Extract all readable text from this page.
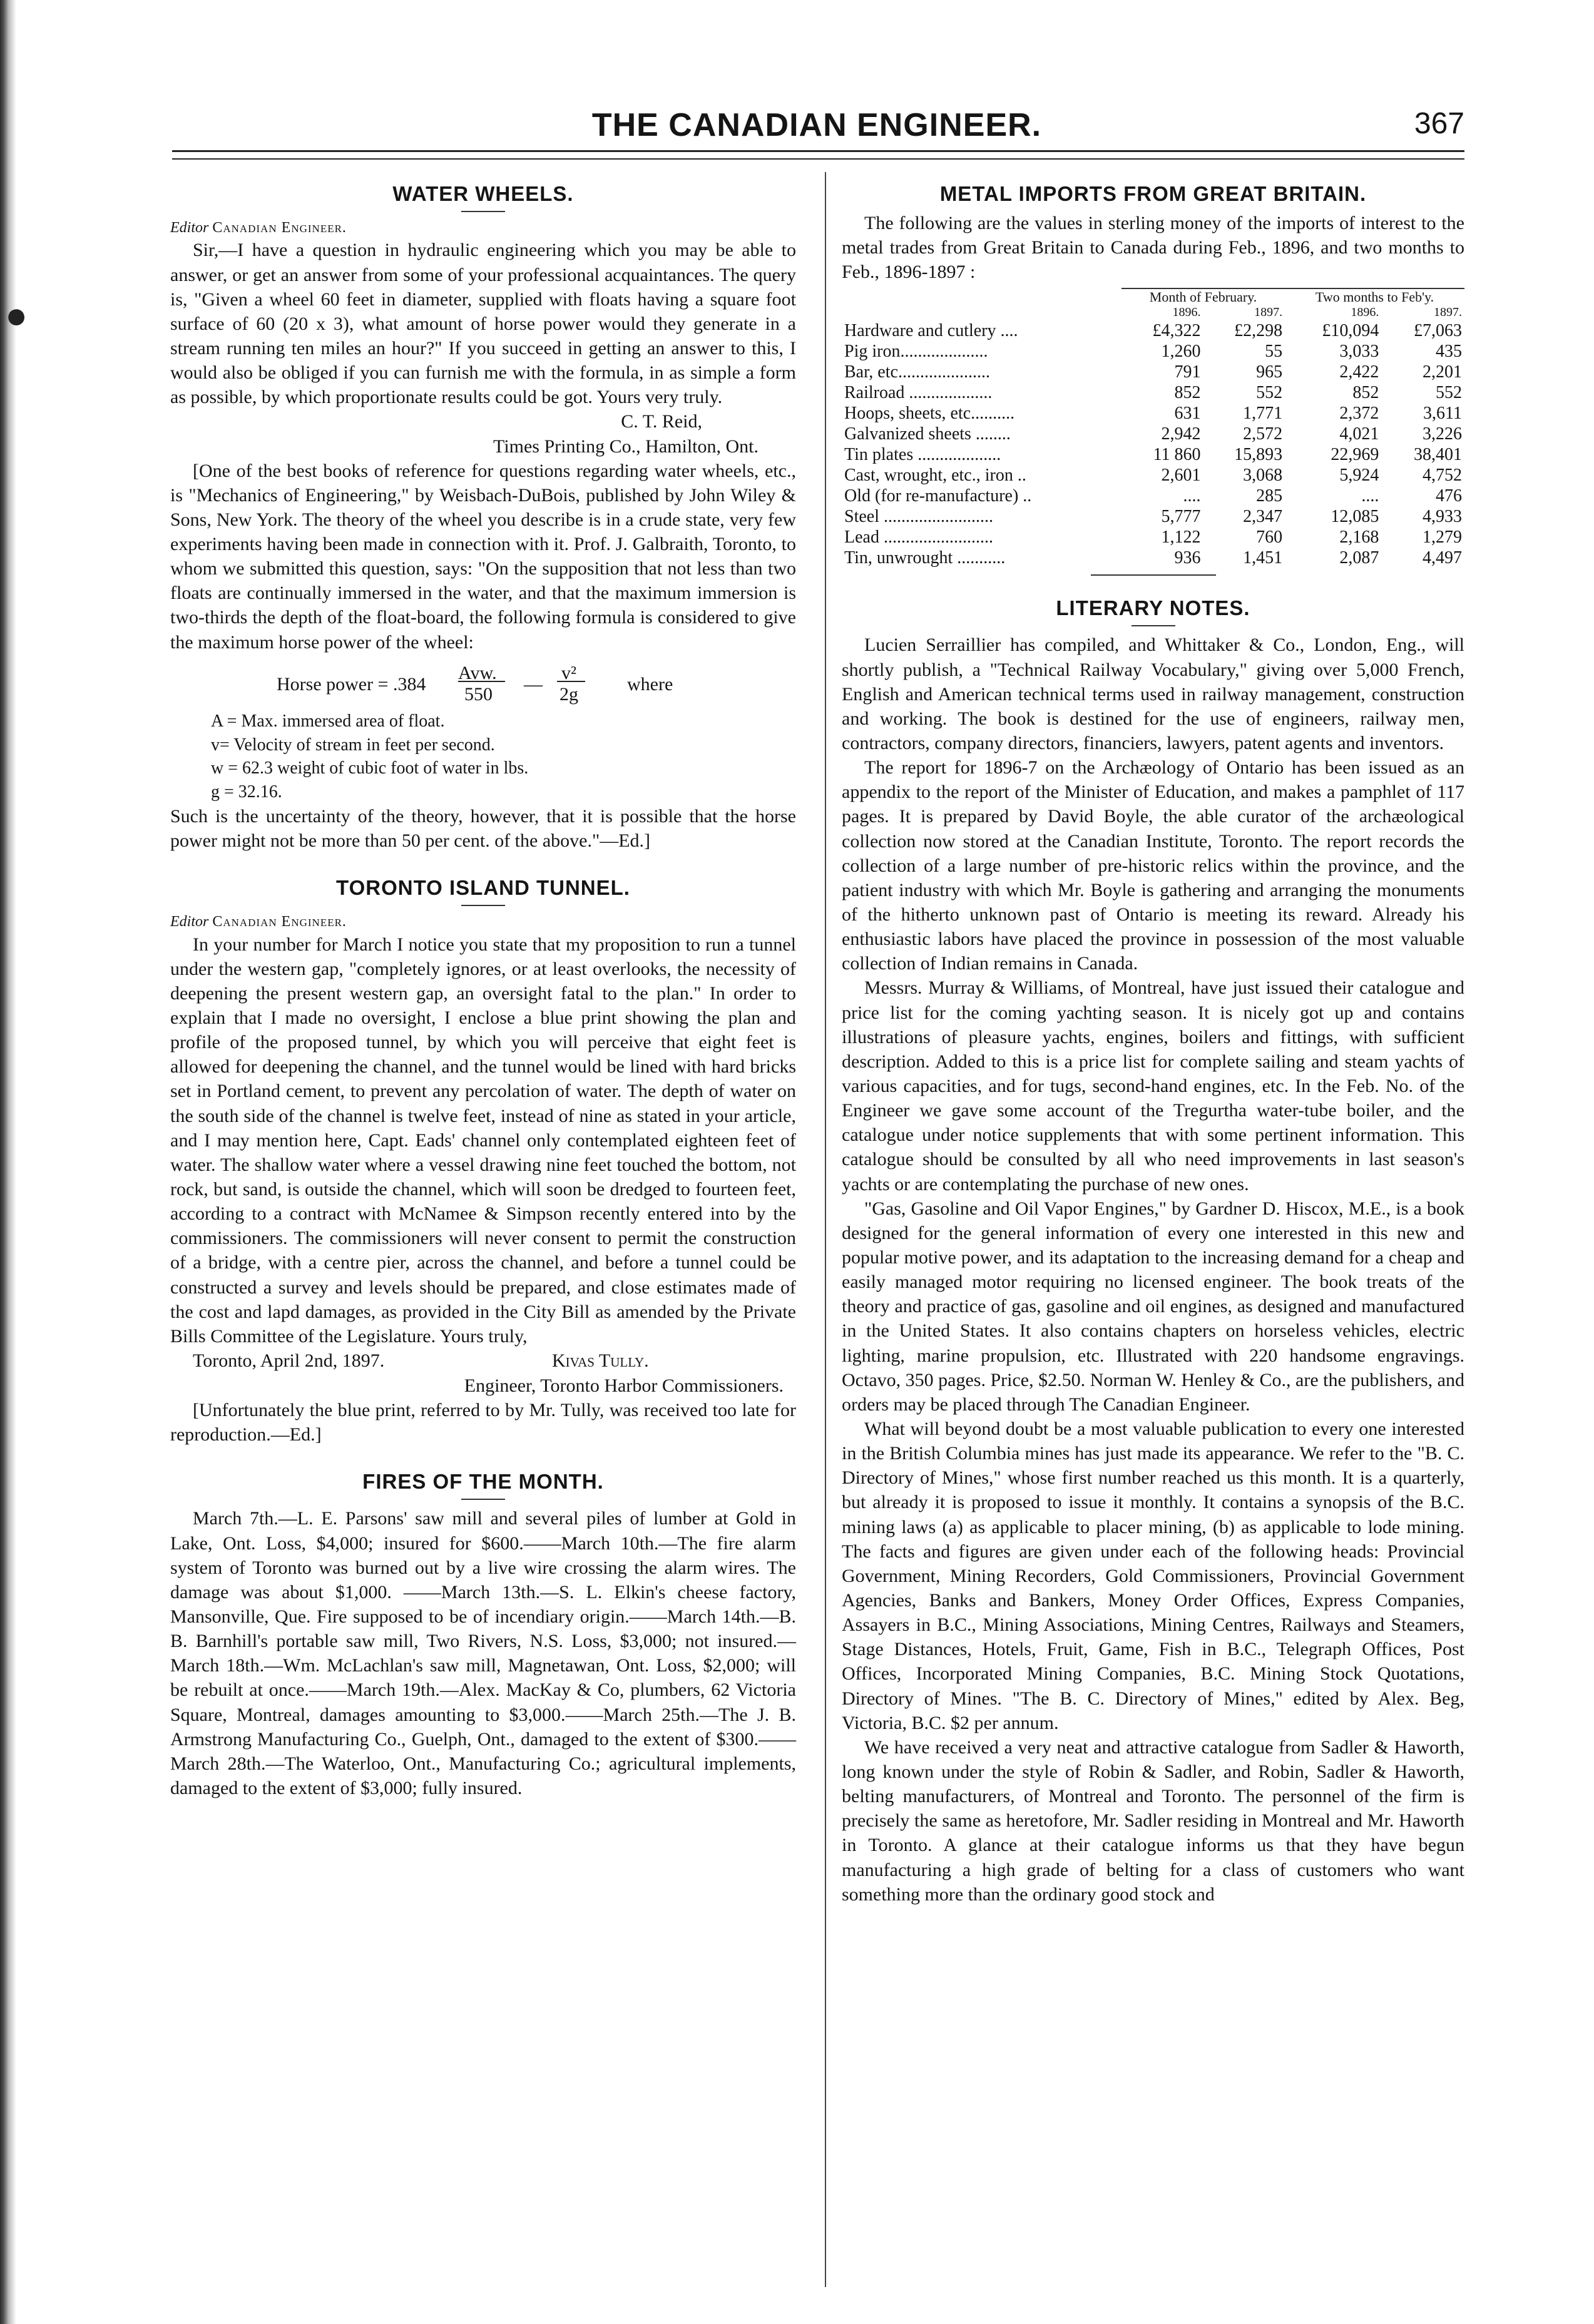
●
THE CANADIAN ENGINEER.	367
WATER WHEELS.

Editor Canadian Engineer.

Sir,—I have a question in hydraulic engineering which you may be able to answer, or get an answer from some of your professional acquaintances. The query is, "Given a wheel 60 feet in diameter, supplied with floats having a square foot surface of 60 (20 x 3), what amount of horse power would they generate in a stream running ten miles an hour?" If you succeed in getting an answer to this, I would also be obliged if you can furnish me with the formula, in as simple a form as possible, by which proportionate results could be got. Yours very truly.

C. T. Reid,

Times Printing Co., Hamilton, Ont.

[One of the best books of reference for questions regarding water wheels, etc., is "Mechanics of Engineering," by Weisbach-DuBois, published by John Wiley & Sons, New York. The theory of the wheel you describe is in a crude state, very few experiments having been made in connection with it. Prof. J. Galbraith, Toronto, to whom we submitted this question, says: "On the supposition that not less than two floats are continually immersed in the water, and that the maximum immersion is two-thirds the depth of the float-board, the following formula is considered to give the maximum horse power of the wheel:

Horse power = .384
Avw.
550 —
v²
2g	where
A = Max. immersed area of float.
v= Velocity of stream in feet per second.
w = 62.3 weight of cubic foot of water in lbs.
g = 32.16.

Such is the uncertainty of the theory, however, that it is possible that the horse power might not be more than 50 per cent. of the above."—Ed.]

TORONTO ISLAND TUNNEL.

Editor Canadian Engineer.

In your number for March I notice you state that my proposition to run a tunnel under the western gap, "completely ignores, or at least overlooks, the necessity of deepening the present western gap, an oversight fatal to the plan." In order to explain that I made no oversight, I enclose a blue print showing the plan and profile of the proposed tunnel, by which you will perceive that eight feet is allowed for deepening the channel, and the tunnel would be lined with hard bricks set in Portland cement, to prevent any percolation of water. The depth of water on the south side of the channel is twelve feet, instead of nine as stated in your article, and I may mention here, Capt. Eads' channel only contemplated eighteen feet of water. The shallow water where a vessel drawing nine feet touched the bottom, not rock, but sand, is outside the channel, which will soon be dredged to fourteen feet, according to a contract with McNamee & Simpson recently entered into by the commissioners. The commissioners will never consent to permit the construction of a bridge, with a centre pier, across the channel, and before a tunnel could be constructed a survey and levels should be prepared, and close estimates made of the cost and lapd damages, as provided in the City Bill as amended by the Private Bills Committee of the Legislature. Yours truly,

Toronto, April 2nd, 1897.	Kivas Tully.

Engineer, Toronto Harbor Commissioners.

[Unfortunately the blue print, referred to by Mr. Tully, was received too late for reproduction.—Ed.]

FIRES OF THE MONTH.

March 7th.—L. E. Parsons' saw mill and several piles of lumber at Gold in Lake, Ont. Loss, $4,000; insured for $600.——March 10th.—The fire alarm system of Toronto was burned out by a live wire crossing the alarm wires. The damage was about $1,000. ——March 13th.—S. L. Elkin's cheese factory, Mansonville, Que. Fire supposed to be of incendiary origin.——March 14th.—B. B. Barnhill's portable saw mill, Two Rivers, N.S. Loss, $3,000; not insured.—March 18th.—Wm. McLachlan's saw mill, Magnetawan, Ont. Loss, $2,000; will be rebuilt at once.——March 19th.—Alex. MacKay & Co, plumbers, 62 Victoria Square, Montreal, damages amounting to $3,000.——March 25th.—The J. B. Armstrong Manufacturing Co., Guelph, Ont., damaged to the extent of $300.——March 28th.—The Waterloo, Ont., Manufacturing Co.; agricultural implements, damaged to the extent of $3,000; fully insured.

METAL IMPORTS FROM GREAT BRITAIN.

The following are the values in sterling money of the imports of interest to the metal trades from Great Britain to Canada during Feb., 1896, and two months to Feb., 1896-1897 :

	Month of February.		Two months to Feb'y.	
	1896.	1897.	1896.	1897.
Hardware and cutlery ....	£4,322	£2,298	£10,094	£7,063
Pig iron....................	1,260	55	3,033	435
Bar, etc.....................	791	965	2,422	2,201
Railroad ...................	852	552	852	552
Hoops, sheets, etc..........	631	1,771	2,372	3,611
Galvanized sheets ........	2,942	2,572	4,021	3,226
Tin plates ...................	11 860	15,893	22,969	38,401
Cast, wrought, etc., iron ..	2,601	3,068	5,924	4,752
Old (for re-manufacture) ..	....	285	....	476
Steel .........................	5,777	2,347	12,085	4,933
Lead .........................	1,122	760	2,168	1,279
Tin, unwrought ...........	936	1,451	2,087	4,497
LITERARY NOTES.

Lucien Serraillier has compiled, and Whittaker & Co., London, Eng., will shortly publish, a "Technical Railway Vocabulary," giving over 5,000 French, English and American technical terms used in railway management, construction and working. The book is destined for the use of engineers, railway men, contractors, company directors, financiers, lawyers, patent agents and inventors.

The report for 1896-7 on the Archæology of Ontario has been issued as an appendix to the report of the Minister of Education, and makes a pamphlet of 117 pages. It is prepared by David Boyle, the able curator of the archæological collection now stored at the Canadian Institute, Toronto. The report records the collection of a large number of pre-historic relics within the province, and the patient industry with which Mr. Boyle is gathering and arranging the monuments of the hitherto unknown past of Ontario is meeting its reward. Already his enthusiastic labors have placed the province in possession of the most valuable collection of Indian remains in Canada.

Messrs. Murray & Williams, of Montreal, have just issued their catalogue and price list for the coming yachting season. It is nicely got up and contains illustrations of pleasure yachts, engines, boilers and fittings, with sufficient description. Added to this is a price list for complete sailing and steam yachts of various capacities, and for tugs, second-hand engines, etc. In the Feb. No. of the Engineer we gave some account of the Tregurtha water-tube boiler, and the catalogue under notice supplements that with some pertinent information. This catalogue should be consulted by all who need improvements in last season's yachts or are contemplating the purchase of new ones.

"Gas, Gasoline and Oil Vapor Engines," by Gardner D. Hiscox, M.E., is a book designed for the general information of every one interested in this new and popular motive power, and its adaptation to the increasing demand for a cheap and easily managed motor requiring no licensed engineer. The book treats of the theory and practice of gas, gasoline and oil engines, as designed and manufactured in the United States. It also contains chapters on horseless vehicles, electric lighting, marine propulsion, etc. Illustrated with 220 handsome engravings. Octavo, 350 pages. Price, $2.50. Norman W. Henley & Co., are the publishers, and orders may be placed through The Canadian Engineer.

What will beyond doubt be a most valuable publication to every one interested in the British Columbia mines has just made its appearance. We refer to the "B. C. Directory of Mines," whose first number reached us this month. It is a quarterly, but already it is proposed to issue it monthly. It contains a synopsis of the B.C. mining laws (a) as applicable to placer mining, (b) as applicable to lode mining. The facts and figures are given under each of the following heads: Provincial Government, Mining Recorders, Gold Commissioners, Provincial Government Agencies, Banks and Bankers, Money Order Offices, Express Companies, Assayers in B.C., Mining Associations, Mining Centres, Railways and Steamers, Stage Distances, Hotels, Fruit, Game, Fish in B.C., Telegraph Offices, Post Offices, Incorporated Mining Companies, B.C. Mining Stock Quotations, Directory of Mines. "The B. C. Directory of Mines," edited by Alex. Beg, Victoria, B.C. $2 per annum.

We have received a very neat and attractive catalogue from Sadler & Haworth, long known under the style of Robin & Sadler, and Robin, Sadler & Haworth, belting manufacturers, of Montreal and Toronto. The personnel of the firm is precisely the same as heretofore, Mr. Sadler residing in Montreal and Mr. Haworth in Toronto. A glance at their catalogue informs us that they have begun manufacturing a high grade of belting for a class of customers who want something more than the ordinary good stock and
